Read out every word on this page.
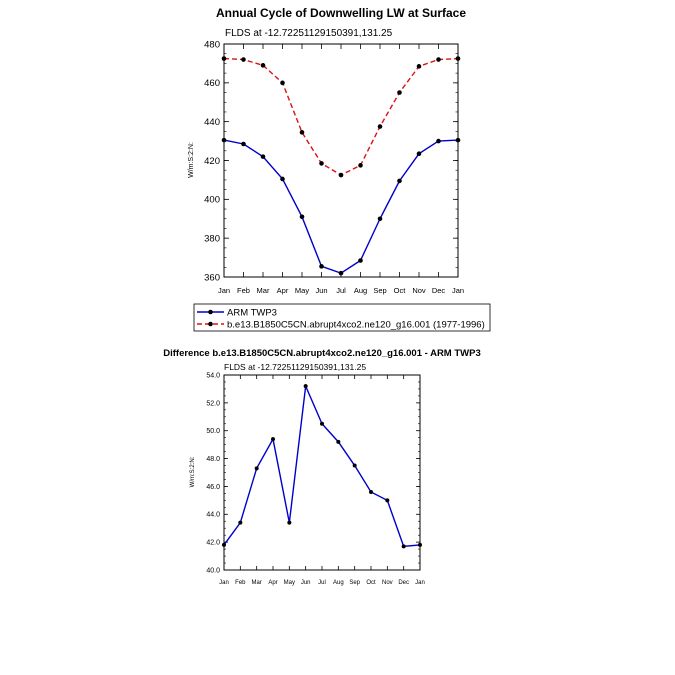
Annual Cycle of Downwelling LW at Surface
FLDS at -12.72251129150391,131.25
W/m:S:2:N:
Jan Feb Mar Apr May Jun Jul Aug Sep Oct Nov Dec Jan
360
380
400
420
440
460
480
ARM TWP3
b.e13.B1850C5CN.abrupt4xco2.ne120_g16.001 (1977-1996)
Difference b.e13.B1850C5CN.abrupt4xco2.ne120_g16.001 - ARM TWP3
FLDS at -12.72251129150391,131.25
W/m:S:2:N:
Jan Feb Mar Apr May Jun Jul Aug Sep Oct Nov Dec Jan
40.0
42.0
44.0
46.0
48.0
50.0
52.0
54.0
